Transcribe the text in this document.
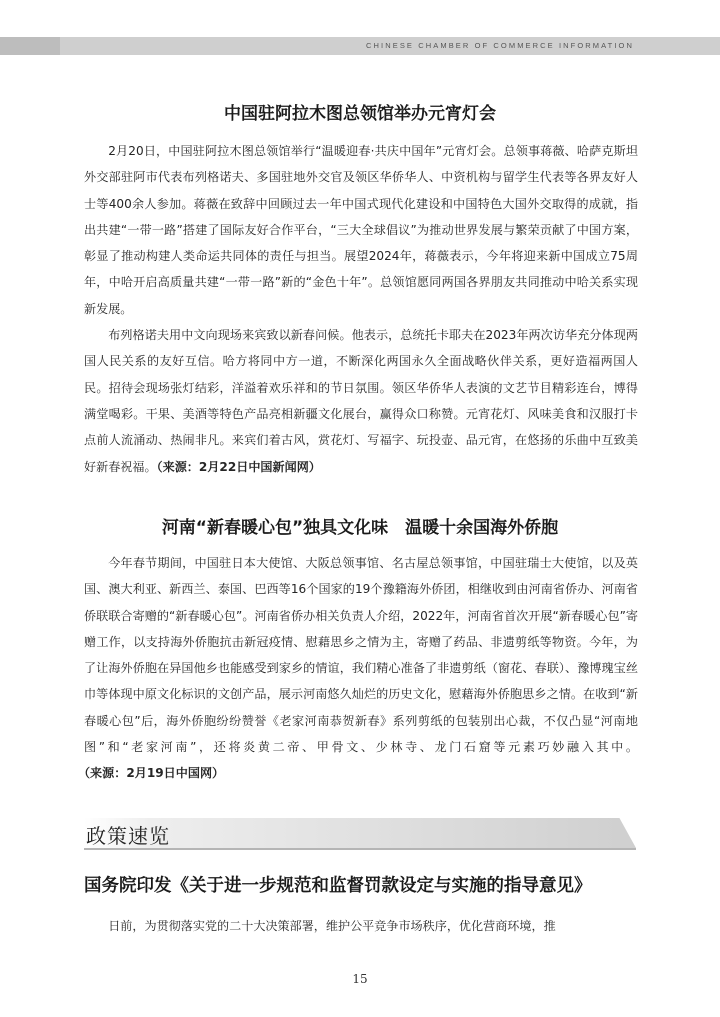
CHINESE CHAMBER OF COMMERCE INFORMATION
中国驻阿拉木图总领馆举办元宵灯会

2月20日，中国驻阿拉木图总领馆举行“温暖迎春·共庆中国年”元宵灯会。总领事蒋薇、哈萨克斯坦外交部驻阿市代表布列格诺夫、多国驻地外交官及领区华侨华人、中资机构与留学生代表等各界友好人士等400余人参加。蒋薇在致辞中回顾过去一年中国式现代化建设和中国特色大国外交取得的成就，指出共建“一带一路”搭建了国际友好合作平台，“三大全球倡议”为推动世界发展与繁荣贡献了中国方案，彰显了推动构建人类命运共同体的责任与担当。展望2024年，蒋薇表示，今年将迎来新中国成立75周年，中哈开启高质量共建“一带一路”新的“金色十年”。总领馆愿同两国各界朋友共同推动中哈关系实现新发展。

布列格诺夫用中文向现场来宾致以新春问候。他表示，总统托卡耶夫在2023年两次访华充分体现两国人民关系的友好互信。哈方将同中方一道，不断深化两国永久全面战略伙伴关系，更好造福两国人民。招待会现场张灯结彩，洋溢着欢乐祥和的节日氛围。领区华侨华人表演的文艺节目精彩连台，博得满堂喝彩。干果、美酒等特色产品亮相新疆文化展台，赢得众口称赞。元宵花灯、风味美食和汉服打卡点前人流涌动、热闹非凡。来宾们着古风，赏花灯、写福字、玩投壶、品元宵，在悠扬的乐曲中互致美好新春祝福。（来源：2月22日中国新闻网）

河南“新春暖心包”独具文化味　温暖十余国海外侨胞

今年春节期间，中国驻日本大使馆、大阪总领事馆、名古屋总领事馆，中国驻瑞士大使馆，以及英国、澳大利亚、新西兰、泰国、巴西等16个国家的19个豫籍海外侨团，相继收到由河南省侨办、河南省侨联联合寄赠的“新春暖心包”。河南省侨办相关负责人介绍，2022年，河南省首次开展“新春暖心包”寄赠工作，以支持海外侨胞抗击新冠疫情、慰藉思乡之情为主，寄赠了药品、非遗剪纸等物资。今年，为了让海外侨胞在异国他乡也能感受到家乡的情谊，我们精心准备了非遗剪纸（窗花、春联）、豫博瑰宝丝巾等体现中原文化标识的文创产品，展示河南悠久灿烂的历史文化，慰藉海外侨胞思乡之情。在收到“新春暖心包”后，海外侨胞纷纷赞誉《老家河南恭贺新春》系列剪纸的包装别出心裁，不仅凸显“河南地图”和“老家河南”，还将炎黄二帝、甲骨文、少林寺、龙门石窟等元素巧妙融入其中。（来源：2月19日中国网）

政策速览
国务院印发《关于进一步规范和监督罚款设定与实施的指导意见》

日前，为贯彻落实党的二十大决策部署，维护公平竞争市场秩序，优化营商环境，推

15
